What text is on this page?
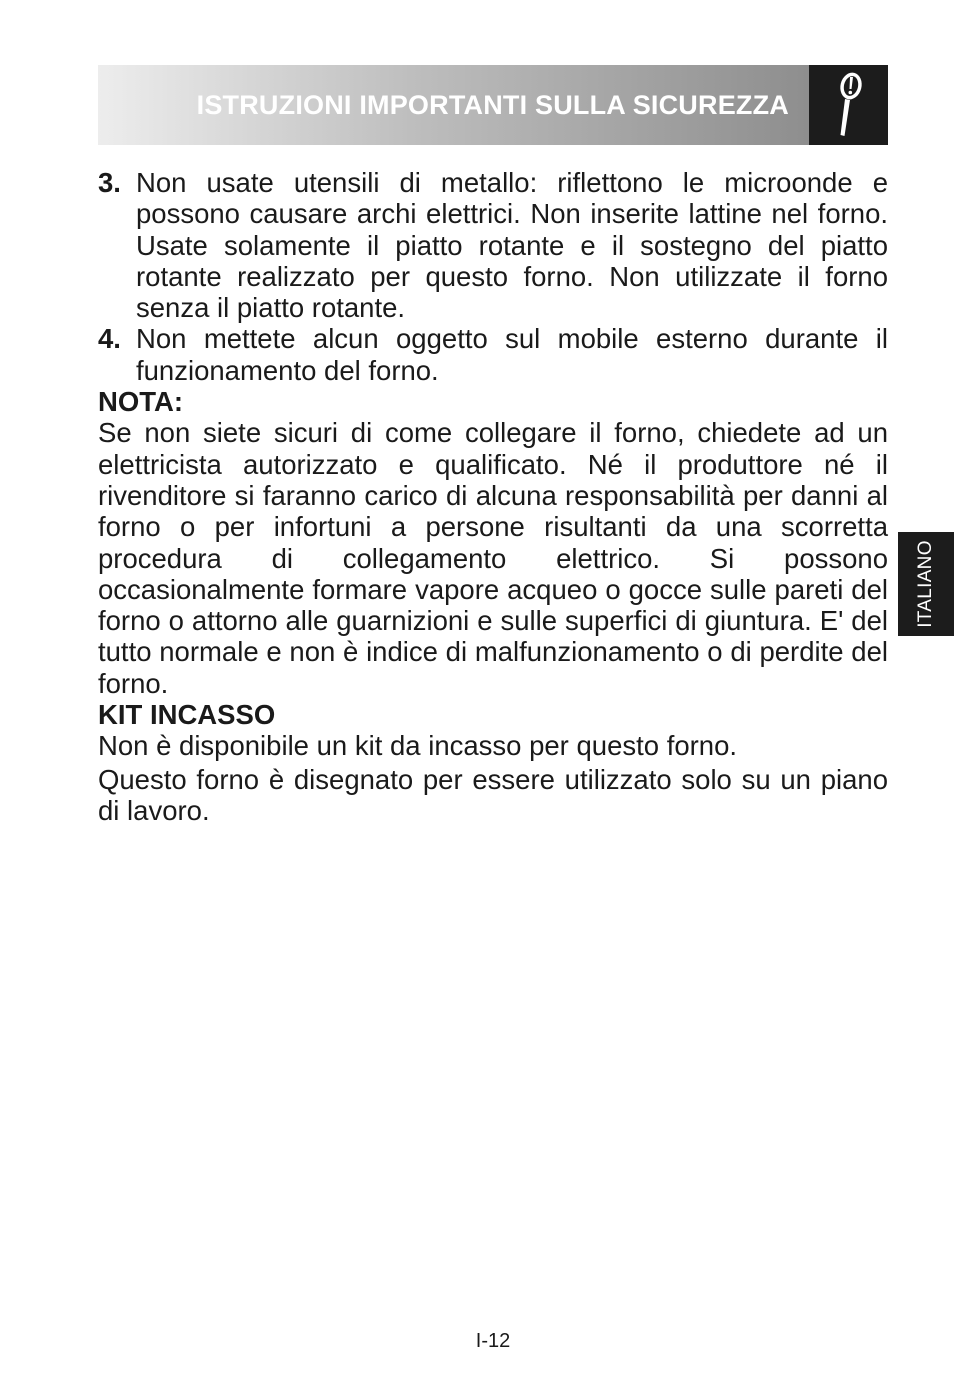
ISTRUZIONI IMPORTANTI SULLA SICUREZZA
3. Non usate utensili di metallo: riflettono le microonde e possono causare archi elettrici. Non inserite lattine nel forno. Usate solamente il piatto rotante e il sostegno del piatto rotante realizzato per questo forno. Non utilizzate il forno senza il piatto rotante.
4. Non mettete alcun oggetto sul mobile esterno durante il funzionamento del forno.
NOTA:
Se non siete sicuri di come collegare il forno, chiedete ad un elettricista autorizzato e qualificato. Né il produttore né il rivenditore si faranno carico di alcuna responsabilità per danni al forno o per infortuni a persone risultanti da una scorretta procedura di collegamento elettrico. Si possono occasionalmente formare vapore acqueo o gocce sulle pareti del forno o attorno alle guarnizioni e sulle superfici di giuntura. E' del tutto normale e non è indice di malfunzionamento o di perdite del forno.
KIT INCASSO
Non è disponibile un kit da incasso per questo forno.
Questo forno è disegnato per essere utilizzato solo su un piano di lavoro.
ITALIANO
I-12
